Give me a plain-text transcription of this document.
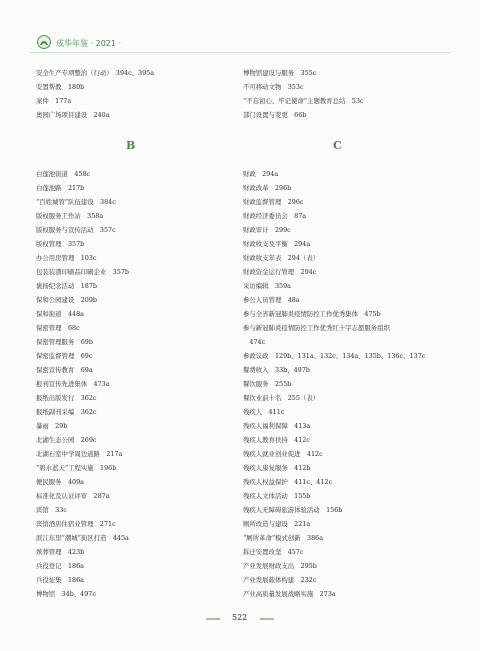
成华年鉴 · 2021 ·
安全生产专项整治（行动）　394c、395a
安置帮教　180b
案件　177a
奥园广场项目建设　240a
博物馆建设与服务　355c
不可移动文物　353c
“不忘初心、牢记使命”主题教育总结　53c
部门设置与变更　66b
B	C
白莲池街道　458c
白莲池路　217b
“百姓城管”队伍建设　384c
版权服务工作站　358a
版权服务与宣传活动　357c
版权管理　357b
办公用房管理　103c
包装装潢印刷品印刷企业　357b
褒扬纪念活动　187b
保和公园建设　209b
保和街道　448a
保密管理　68c
保密管理服务　69b
保密监督管理　69c
保密宣传教育　69a
报刊宣传先进集体　473a
报纸出版发行　362c
报纸副刊采编　362c
暴雨　29b
北湖生态公园　269c
北湖石室中学周边道路　217a
“碧水蓝天”工程实施　196b
便民服务　409a
标准化及认证评审　287a
宾馆　33c
宾馆酒店住宿业管理　271c
滨江东里“潮城”街区打造　445a
殡葬管理　423b
兵役登记　186a
兵役征集　186a
博物馆　34b、497c
财政　294a
财政改革　296b
财政监督管理　296c
财政经济委员会　87a
财政审计　299c
财政收支及平衡　294a
财政收支年表　294（表）
财政资金运行管理　294c
采访编辑　359a
参公人员管理　48a
参与全省新冠肺炎疫情防控工作优秀集体　475b
参与新冠肺炎疫情防控工作优秀红十字志愿服务组织
　474c
参政议政　129b、131a、132c、134a、135b、136c、137c
餐费收入　33b、497b
餐饮服务　255b
餐饮业前十名　255（表）
残疾人　411c
残疾人福利保障　413a
残疾人教育扶持　412c
残疾人就业创业促进　412c
残疾人康复服务　412b
残疾人权益保护　411c、412c
残疾人文体活动　155b
残疾人无障碍旅游体验活动　156b
厕所改造与建设　221a
“厕所革命”模式创新　386a
拆迁安置改坚　457c
产业发展财政支出　295b
产业发展载体构建　232c
产业高质量发展战略实施　273a
522
